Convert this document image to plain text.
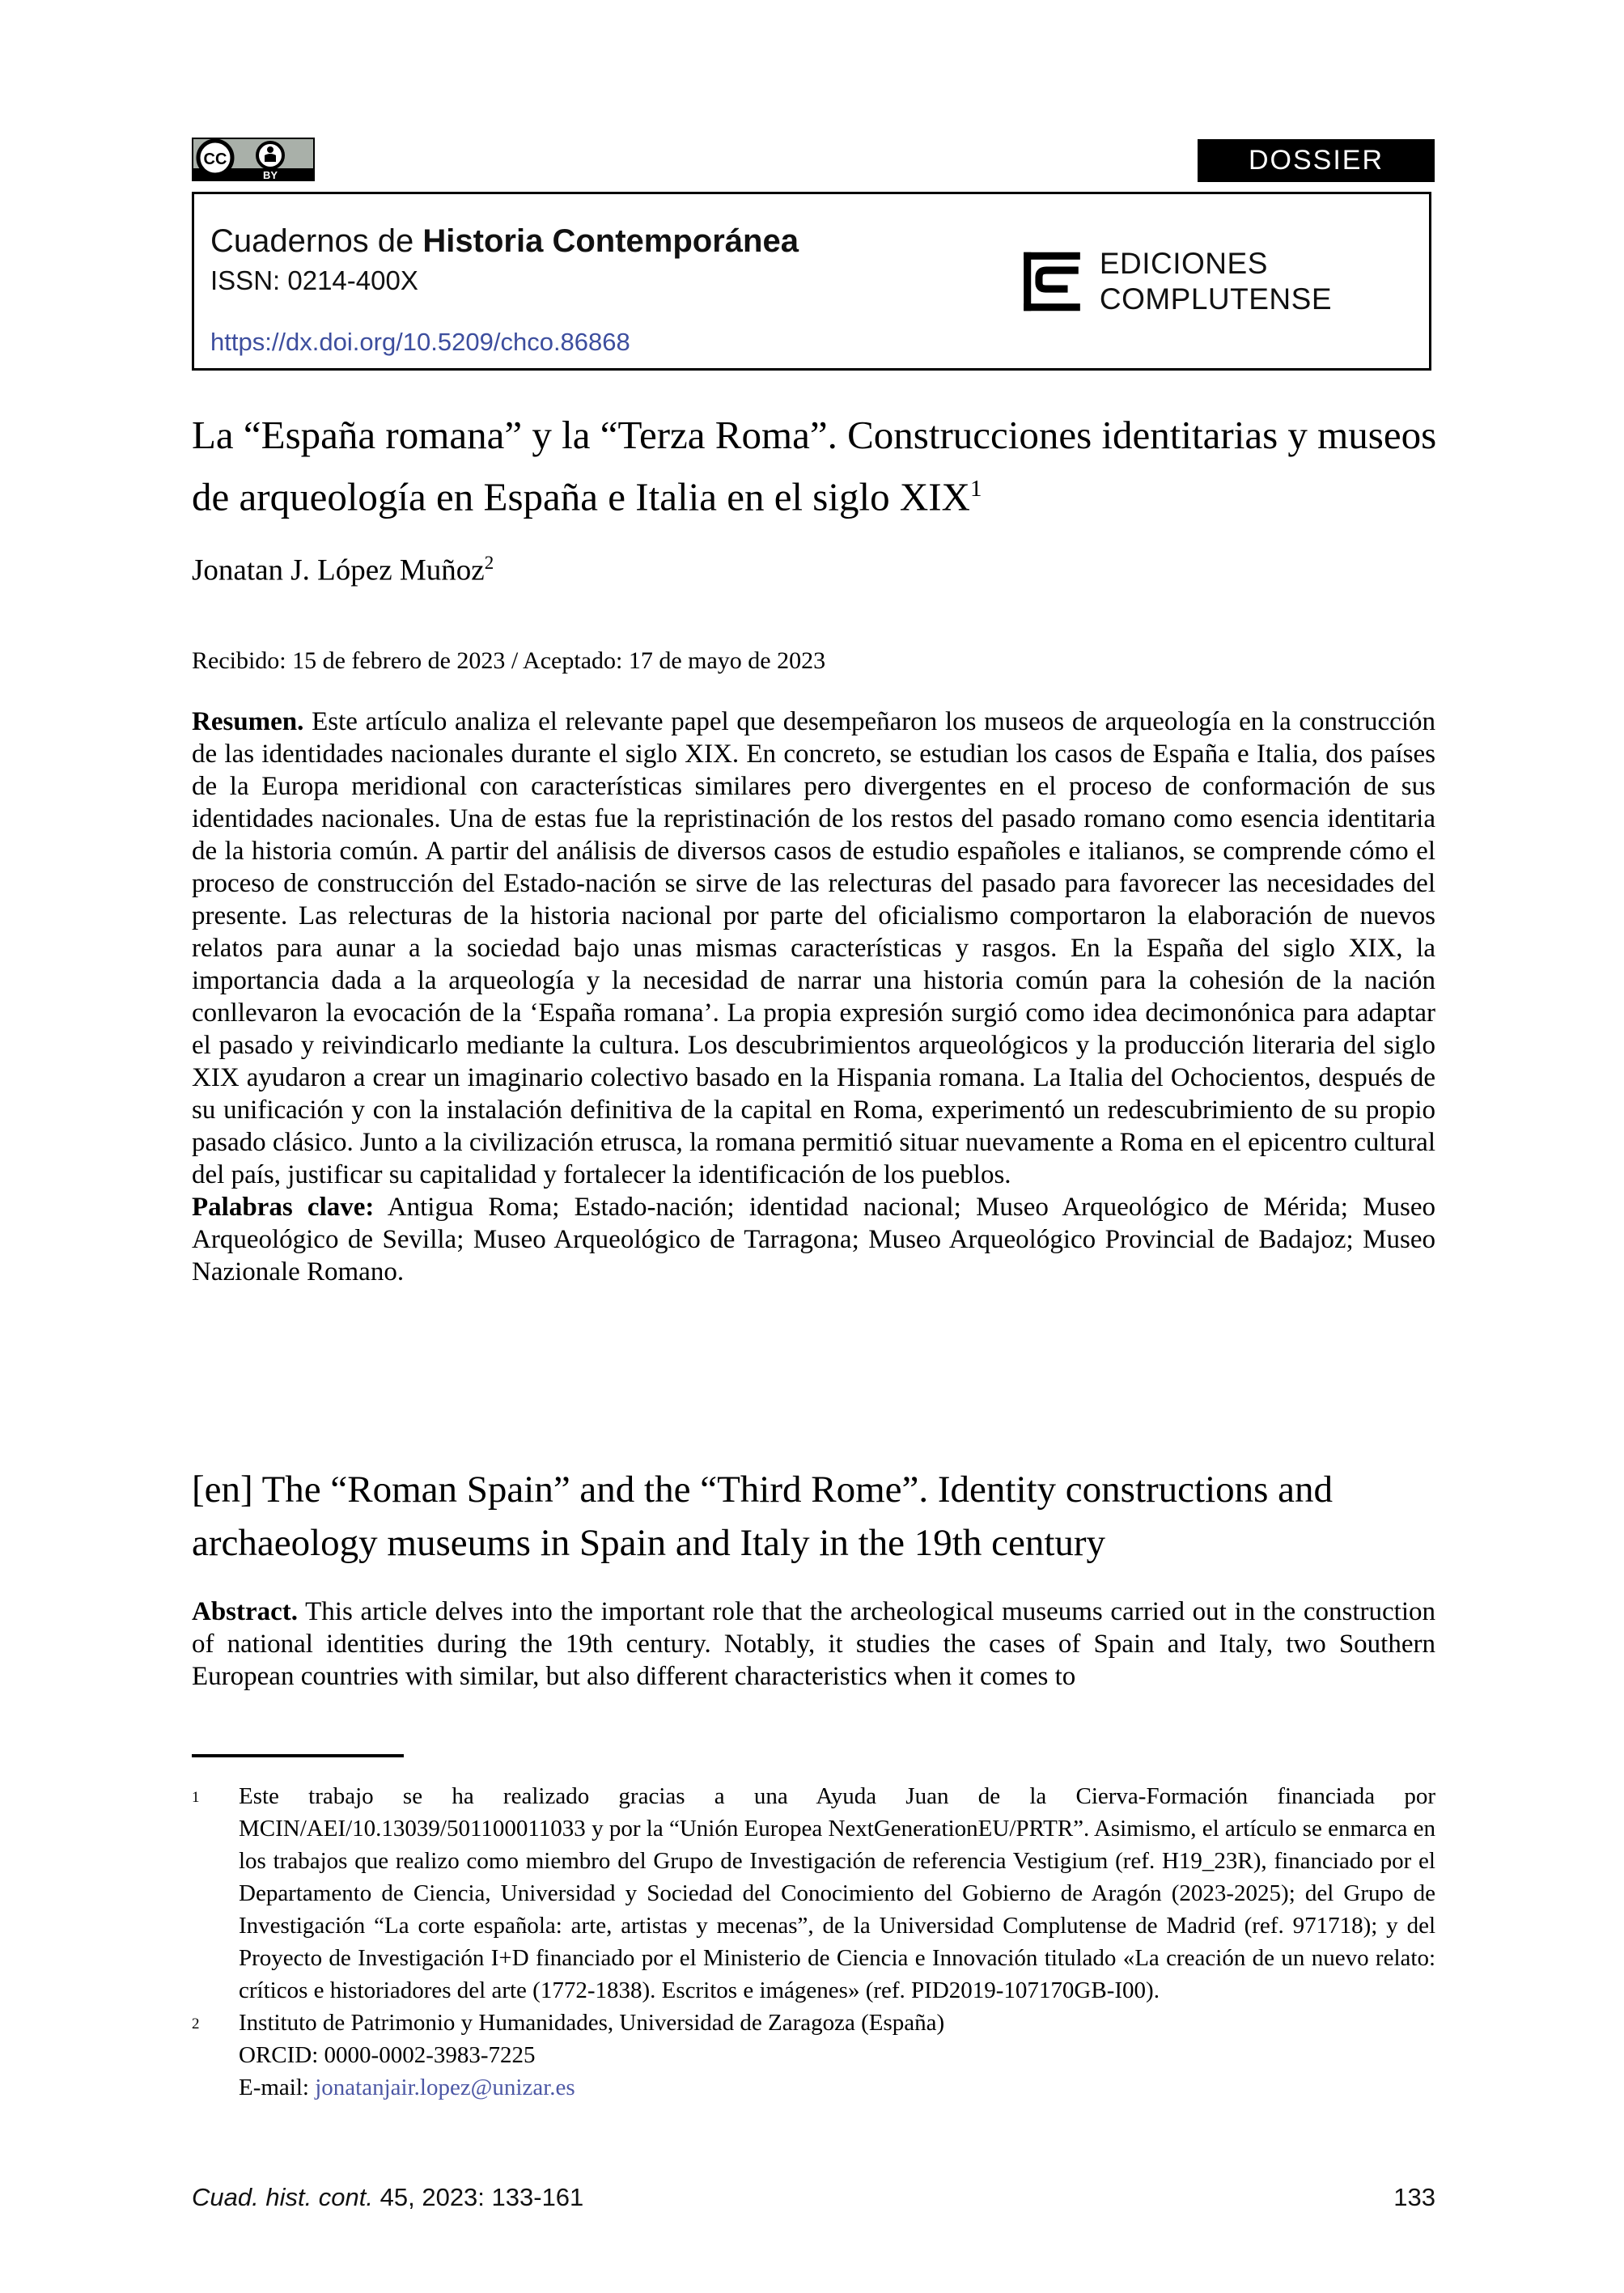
CC
BY	DOSSIER
Cuadernos de Historia Contemporánea
ISSN: 0214-400X
https://dx.doi.org/10.5209/chco.86868
EDICIONES
COMPLUTENSE
La “España romana” y la “Terza Roma”. Construcciones identitarias y museos de arqueología en España e Italia en el siglo XIX$^1$
Jonatan J. López Muñoz$^2$
Recibido: 15 de febrero de 2023 / Aceptado: 17 de mayo de 2023

Resumen. Este artículo analiza el relevante papel que desempeñaron los museos de arqueología en la construcción de las identidades nacionales durante el siglo XIX. En concreto, se estudian los casos de España e Italia, dos países de la Europa meridional con características similares pero divergentes en el proceso de conformación de sus identidades nacionales. Una de estas fue la repristinación de los restos del pasado romano como esencia identitaria de la historia común. A partir del análisis de diversos casos de estudio españoles e italianos, se comprende cómo el proceso de construcción del Estado-nación se sirve de las relecturas del pasado para favorecer las necesidades del presente. Las relecturas de la historia nacional por parte del oficialismo comportaron la elaboración de nuevos relatos para aunar a la sociedad bajo unas mismas características y rasgos. En la España del siglo XIX, la importancia dada a la arqueología y la necesidad de narrar una historia común para la cohesión de la nación conllevaron la evocación de la ‘España romana’. La propia expresión surgió como idea decimonónica para adaptar el pasado y reivindicarlo mediante la cultura. Los descubrimientos arqueológicos y la producción literaria del siglo XIX ayudaron a crear un imaginario colectivo basado en la Hispania romana. La Italia del Ochocientos, después de su unificación y con la instalación definitiva de la capital en Roma, experimentó un redescubrimiento de su propio pasado clásico. Junto a la civilización etrusca, la romana permitió situar nuevamente a Roma en el epicentro cultural del país, justificar su capitalidad y fortalecer la identificación de los pueblos.

Palabras clave: Antigua Roma; Estado-nación; identidad nacional; Museo Arqueológico de Mérida; Museo Arqueológico de Sevilla; Museo Arqueológico de Tarragona; Museo Arqueológico Provincial de Badajoz; Museo Nazionale Romano.

[en] The “Roman Spain” and the “Third Rome”. Identity constructions and archaeology museums in Spain and Italy in the 19th century

Abstract. This article delves into the important role that the archeological museums carried out in the construction of national identities during the 19th century. Notably, it studies the cases of Spain and Italy, two Southern European countries with similar, but also different characteristics when it comes to

1	Este trabajo se ha realizado gracias a una Ayuda Juan de la Cierva-Formación financiada por MCIN/AEI/10.13039/501100011033 y por la “Unión Europea NextGenerationEU/PRTR”. Asimismo, el artículo se enmarca en los trabajos que realizo como miembro del Grupo de Investigación de referencia Vestigium (ref. H19_23R), financiado por el Departamento de Ciencia, Universidad y Sociedad del Conocimiento del Gobierno de Aragón (2023-2025); del Grupo de Investigación “La corte española: arte, artistas y mecenas”, de la Universidad Complutense de Madrid (ref. 971718); y del Proyecto de Investigación I+D financiado por el Ministerio de Ciencia e Innovación titulado «La creación de un nuevo relato: críticos e historiadores del arte (1772-1838). Escritos e imágenes» (ref. PID2019-107170GB-I00).
2	Instituto de Patrimonio y Humanidades, Universidad de Zaragoza (España)
ORCID: 0000-0002-3983-7225
E-mail: jonatanjair.lopez@unizar.es
Cuad. hist. cont. 45, 2023: 133-161	133
